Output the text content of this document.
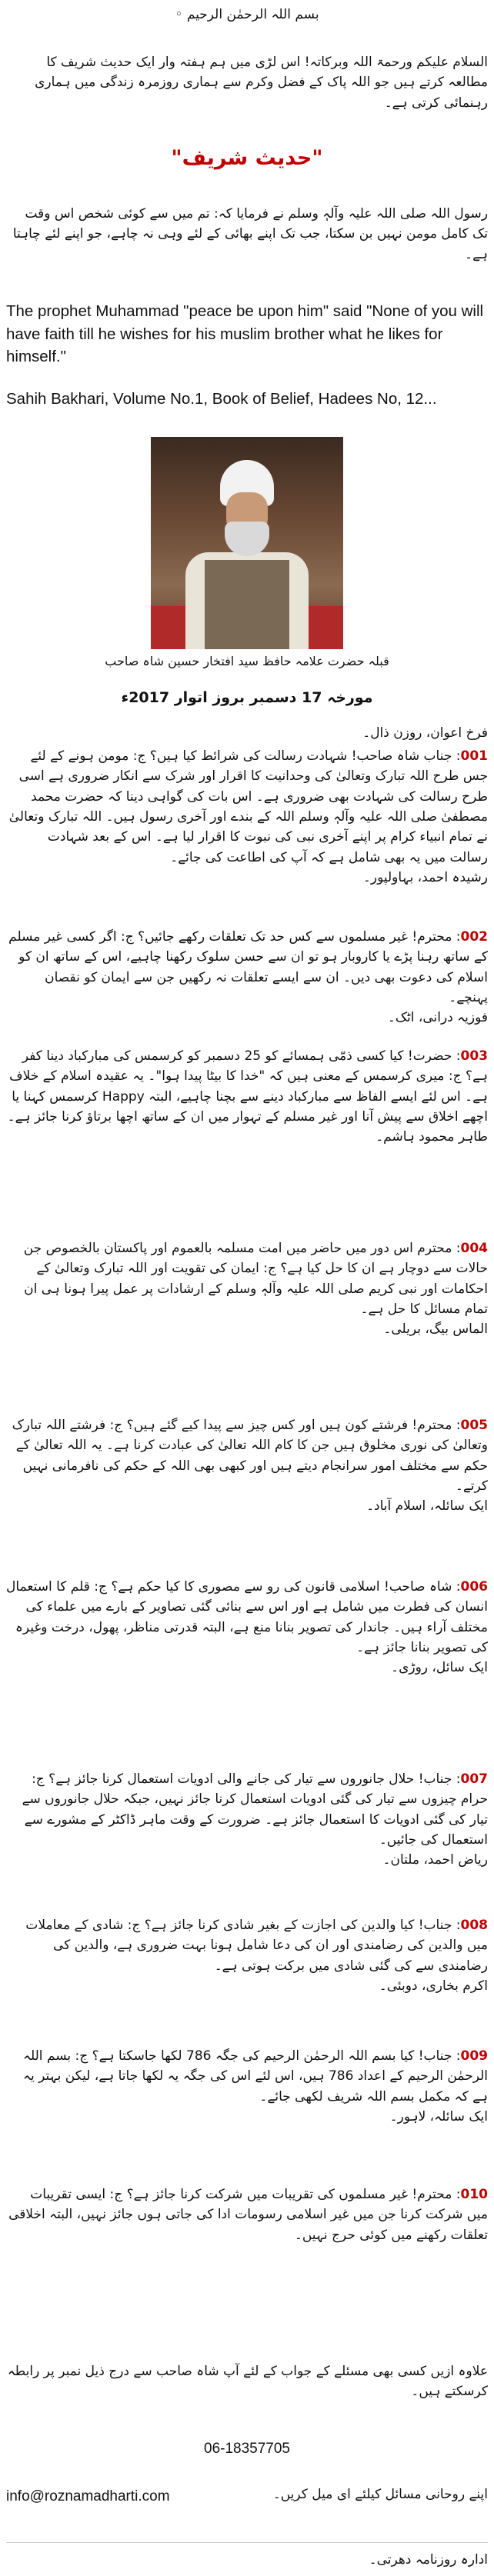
بسم اللہ الرحمٰن الرحیم ◦
السلام علیکم ورحمۃ اللہ وبرکاتہ! اس لڑی میں ہم ہفتہ وار ایک حدیث شریف کا مطالعہ کرتے ہیں جو اللہ پاک کے فضل وکرم سے ہماری روزمرہ زندگی میں ہماری رہنمائی کرتی ہے۔
"حدیث شریف"
رسول اللہ صلی اللہ علیہ وآلہٖ وسلم نے فرمایا کہ: تم میں سے کوئی شخص اس وقت تک کامل مومن نہیں بن سکتا، جب تک اپنے بھائی کے لئے وہی نہ چاہے، جو اپنے لئے چاہتا ہے۔
The prophet Muhammad "peace be upon him" said "None of you will have faith till he wishes for his muslim brother what he likes for himself."
Sahih Bakhari, Volume No.1, Book of Belief, Hadees No, 12...
قبلہ حضرت علامہ حافظ سید افتخار حسین شاہ صاحب
مورخہ 17 دسمبر بروز اتوار 2017ء
فرخ اعوان، روزن ذال۔

001: جناب شاہ صاحب! شہادت رسالت کی شرائط کیا ہیں؟ ج: مومن ہونے کے لئے جس طرح اللہ تبارک وتعالیٰ کی وحدانیت کا اقرار اور شرک سے انکار ضروری ہے اسی طرح رسالت کی شہادت بھی ضروری ہے۔ اس بات کی گواہی دینا کہ حضرت محمد مصطفیٰ صلی اللہ علیہ وآلہٖ وسلم اللہ کے بندے اور آخری رسول ہیں۔ اللہ تبارک وتعالیٰ نے تمام انبیاء کرام پر اپنے آخری نبی کی نبوت کا اقرار لیا ہے۔ اس کے بعد شہادت رسالت میں یہ بھی شامل ہے کہ آپ کی اطاعت کی جائے۔

رشیدہ احمد، بہاولپور۔

002: محترم! غیر مسلموں سے کس حد تک تعلقات رکھے جائیں؟ ج: اگر کسی غیر مسلم کے ساتھ رہنا پڑے یا کاروبار ہو تو ان سے حسن سلوک رکھنا چاہیے، اس کے ساتھ ان کو اسلام کی دعوت بھی دیں۔ ان سے ایسے تعلقات نہ رکھیں جن سے ایمان کو نقصان پہنچے۔

فوزیہ درانی، اٹک۔

003: حضرت! کیا کسی ذمّی ہمسائے کو 25 دسمبر کو کرسمس کی مبارکباد دینا کفر ہے؟ ج: میری کرسمس کے معنی ہیں کہ "خدا کا بیٹا پیدا ہوا"۔ یہ عقیدہ اسلام کے خلاف ہے۔ اس لئے ایسے الفاظ سے مبارکباد دینے سے بچنا چاہیے، البتہ Happy کرسمس کہنا یا اچھے اخلاق سے پیش آنا اور غیر مسلم کے تہوار میں ان کے ساتھ اچھا برتاؤ کرنا جائز ہے۔

طاہر محمود ہاشم۔

004: محترم اس دور میں حاضر میں امت مسلمہ بالعموم اور پاکستان بالخصوص جن حالات سے دوچار ہے ان کا حل کیا ہے؟ ج: ایمان کی تقویت اور اللہ تبارک وتعالیٰ کے احکامات اور نبی کریم صلی اللہ علیہ وآلہٖ وسلم کے ارشادات پر عمل پیرا ہونا ہی ان تمام مسائل کا حل ہے۔

الماس بیگ، بریلی۔

005: محترم! فرشتے کون ہیں اور کس چیز سے پیدا کیے گئے ہیں؟ ج: فرشتے اللہ تبارک وتعالیٰ کی نوری مخلوق ہیں جن کا کام اللہ تعالیٰ کی عبادت کرنا ہے۔ یہ اللہ تعالیٰ کے حکم سے مختلف امور سرانجام دیتے ہیں اور کبھی بھی اللہ کے حکم کی نافرمانی نہیں کرتے۔

ایک سائلہ، اسلام آباد۔

006: شاہ صاحب! اسلامی قانون کی رو سے مصوری کا کیا حکم ہے؟ ج: قلم کا استعمال انسان کی فطرت میں شامل ہے اور اس سے بنائی گئی تصاویر کے بارے میں علماء کی مختلف آراء ہیں۔ جاندار کی تصویر بنانا منع ہے، البتہ قدرتی مناظر، پھول، درخت وغیرہ کی تصویر بنانا جائز ہے۔

ایک سائل، روڑی۔

007: جناب! حلال جانوروں سے تیار کی جانے والی ادویات استعمال کرنا جائز ہے؟ ج: حرام چیزوں سے تیار کی گئی ادویات استعمال کرنا جائز نہیں، جبکہ حلال جانوروں سے تیار کی گئی ادویات کا استعمال جائز ہے۔ ضرورت کے وقت ماہر ڈاکٹر کے مشورے سے استعمال کی جائیں۔

ریاض احمد، ملتان۔

008: جناب! کیا والدین کی اجازت کے بغیر شادی کرنا جائز ہے؟ ج: شادی کے معاملات میں والدین کی رضامندی اور ان کی دعا شامل ہونا بہت ضروری ہے، والدین کی رضامندی سے کی گئی شادی میں برکت ہوتی ہے۔

اکرم بخاری، دوبئی۔

009: جناب! کیا بسم اللہ الرحمٰن الرحیم کی جگہ 786 لکھا جاسکتا ہے؟ ج: بسم اللہ الرحمٰن الرحیم کے اعداد 786 ہیں، اس لئے اس کی جگہ یہ لکھا جاتا ہے، لیکن بہتر یہ ہے کہ مکمل بسم اللہ شریف لکھی جائے۔

ایک سائلہ، لاہور۔

010: محترم! غیر مسلموں کی تقریبات میں شرکت کرنا جائز ہے؟ ج: ایسی تقریبات میں شرکت کرنا جن میں غیر اسلامی رسومات ادا کی جاتی ہوں جائز نہیں، البتہ اخلاقی تعلقات رکھنے میں کوئی حرج نہیں۔

علاوہ ازیں کسی بھی مسئلے کے جواب کے لئے آپ شاہ صاحب سے درج ذیل نمبر پر رابطہ کرسکتے ہیں۔
06-18357705
اپنے روحانی مسائل کیلئے ای میل کریں۔
info@roznamadharti.com
ادارہ روزنامہ دھرتی۔
